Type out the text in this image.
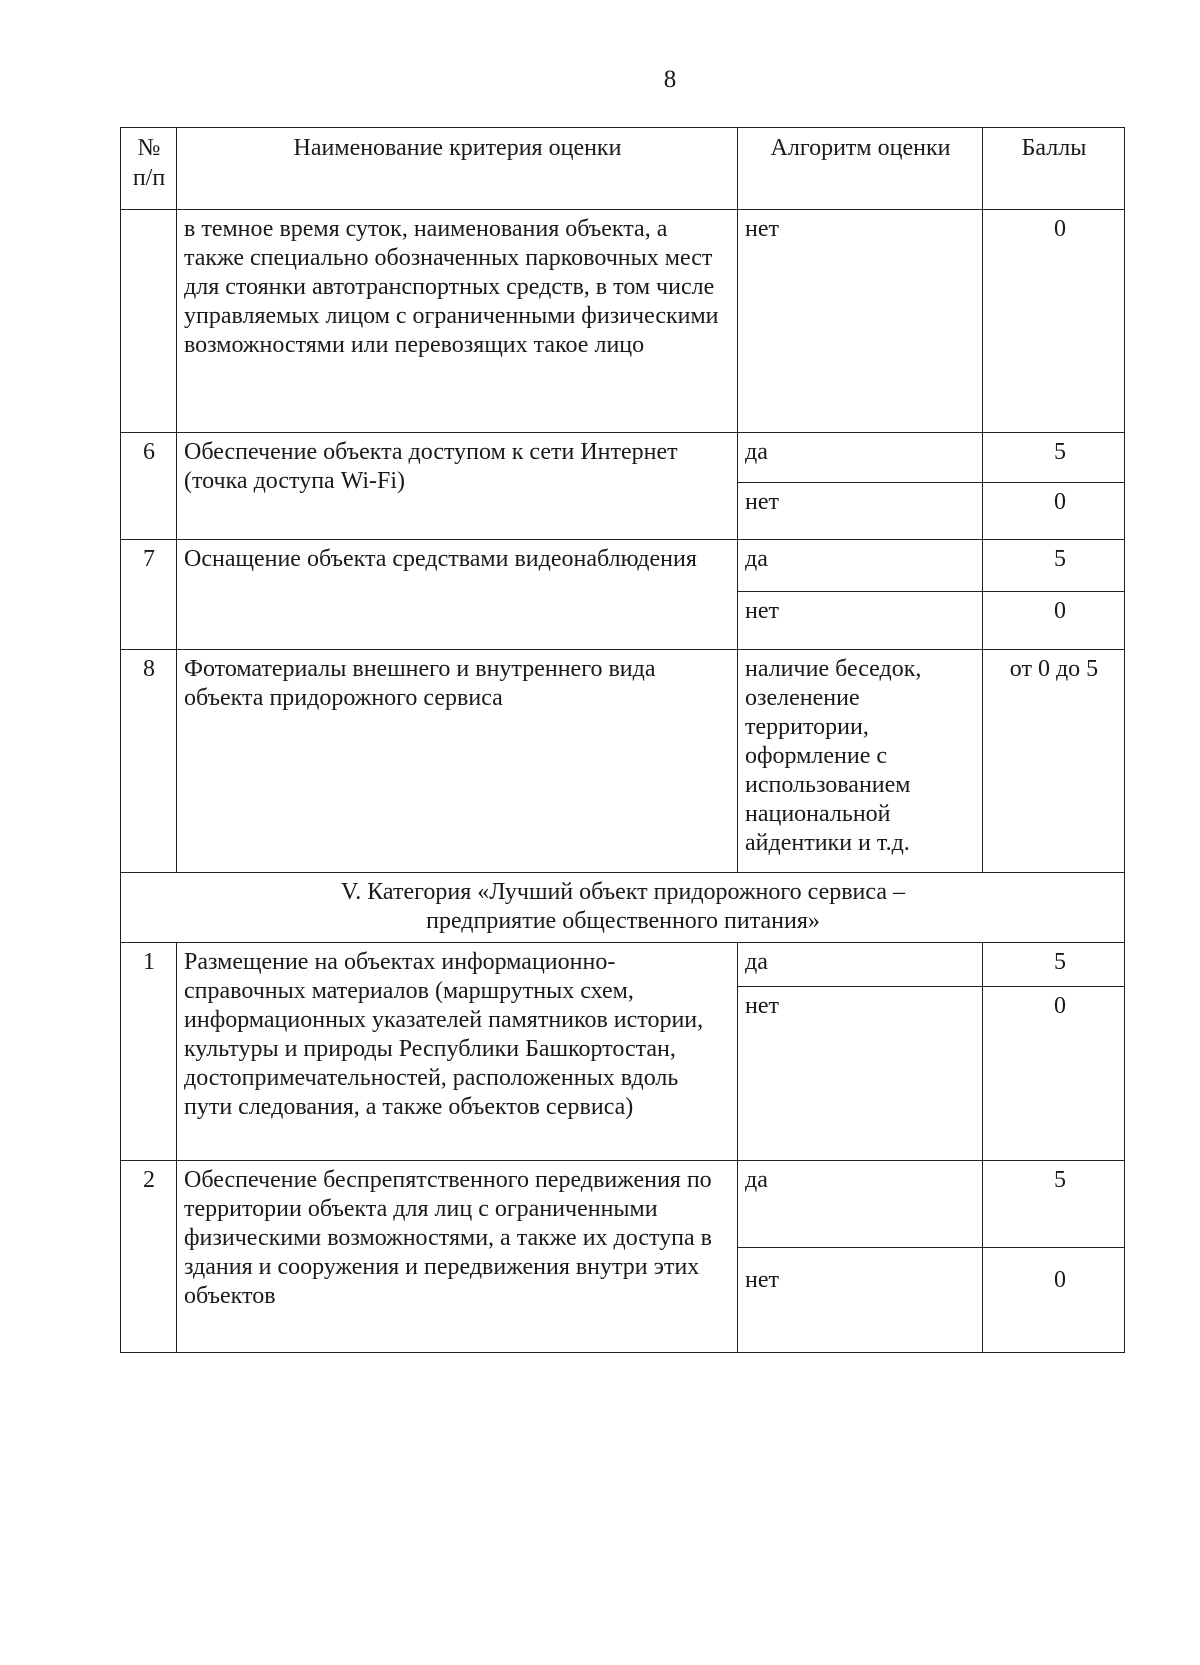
8
№
п/п	Наименование критерия оценки	Алгоритм оценки	Баллы
	в темное время суток, наименования объекта, а также специально обозначенных парковочных мест для стоянки автотранспортных средств, в том числе управляемых лицом с ограниченными физическими возможностями или перевозящих такое лицо	нет	0
6	Обеспечение объекта доступом к сети Интернет (точка доступа Wi-Fi)	да	5
		нет	0
7	Оснащение объекта средствами видеонаблюдения	да	5
		нет	0
8	Фотоматериалы внешнего и внутреннего вида объекта придорожного сервиса	наличие беседок, озеленение территории, оформление с использованием национальной айдентики и т.д.	от 0 до 5
V. Категория «Лучший объект придорожного сервиса –
предприятие общественного питания»			
1	Размещение на объектах информационно-справочных материалов (маршрутных схем, информационных указателей памятников истории, культуры и природы Республики Башкортостан, достопримечательностей, расположенных вдоль пути следования, а также объектов сервиса)	да	5
		нет	0
2	Обеспечение беспрепятственного передвижения по территории объекта для лиц с ограниченными физическими возможностями, а также их доступа в здания и сооружения и передвижения внутри этих объектов	да	5
		нет	0
